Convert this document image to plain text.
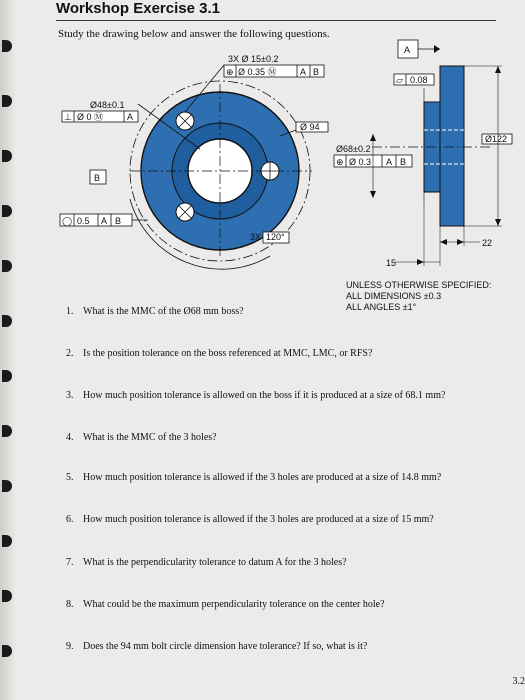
Workshop Exercise 3.1
Study the drawing below and answer the following questions.
3X Ø 15±0.2
⊕ Ø 0.35 Ⓜ	A B
Ø48±0.1
⊥ Ø 0 Ⓜ	A
B
Ø 94
◯ 0.5 A B
3X 120°
A
▱ 0.08
Ø68±0.2
⊕ Ø 0.3 A B
Ø122
22
15
UNLESS OTHERWISE SPECIFIED:
ALL DIMENSIONS ±0.3
ALL ANGLES ±1°
1. What is the MMC of the Ø68 mm boss?
2. Is the position tolerance on the boss referenced at MMC, LMC, or RFS?
3. How much position tolerance is allowed on the boss if it is produced at a size of 68.1 mm?
4. What is the MMC of the 3 holes?
5. How much position tolerance is allowed if the 3 holes are produced at a size of 14.8 mm?
6. How much position tolerance is allowed if the 3 holes are produced at a size of 15 mm?
7. What is the perpendicularity tolerance to datum A for the 3 holes?
8. What could be the maximum perpendicularity tolerance on the center hole?
9. Does the 94 mm bolt circle dimension have tolerance? If so, what is it?
3.2
